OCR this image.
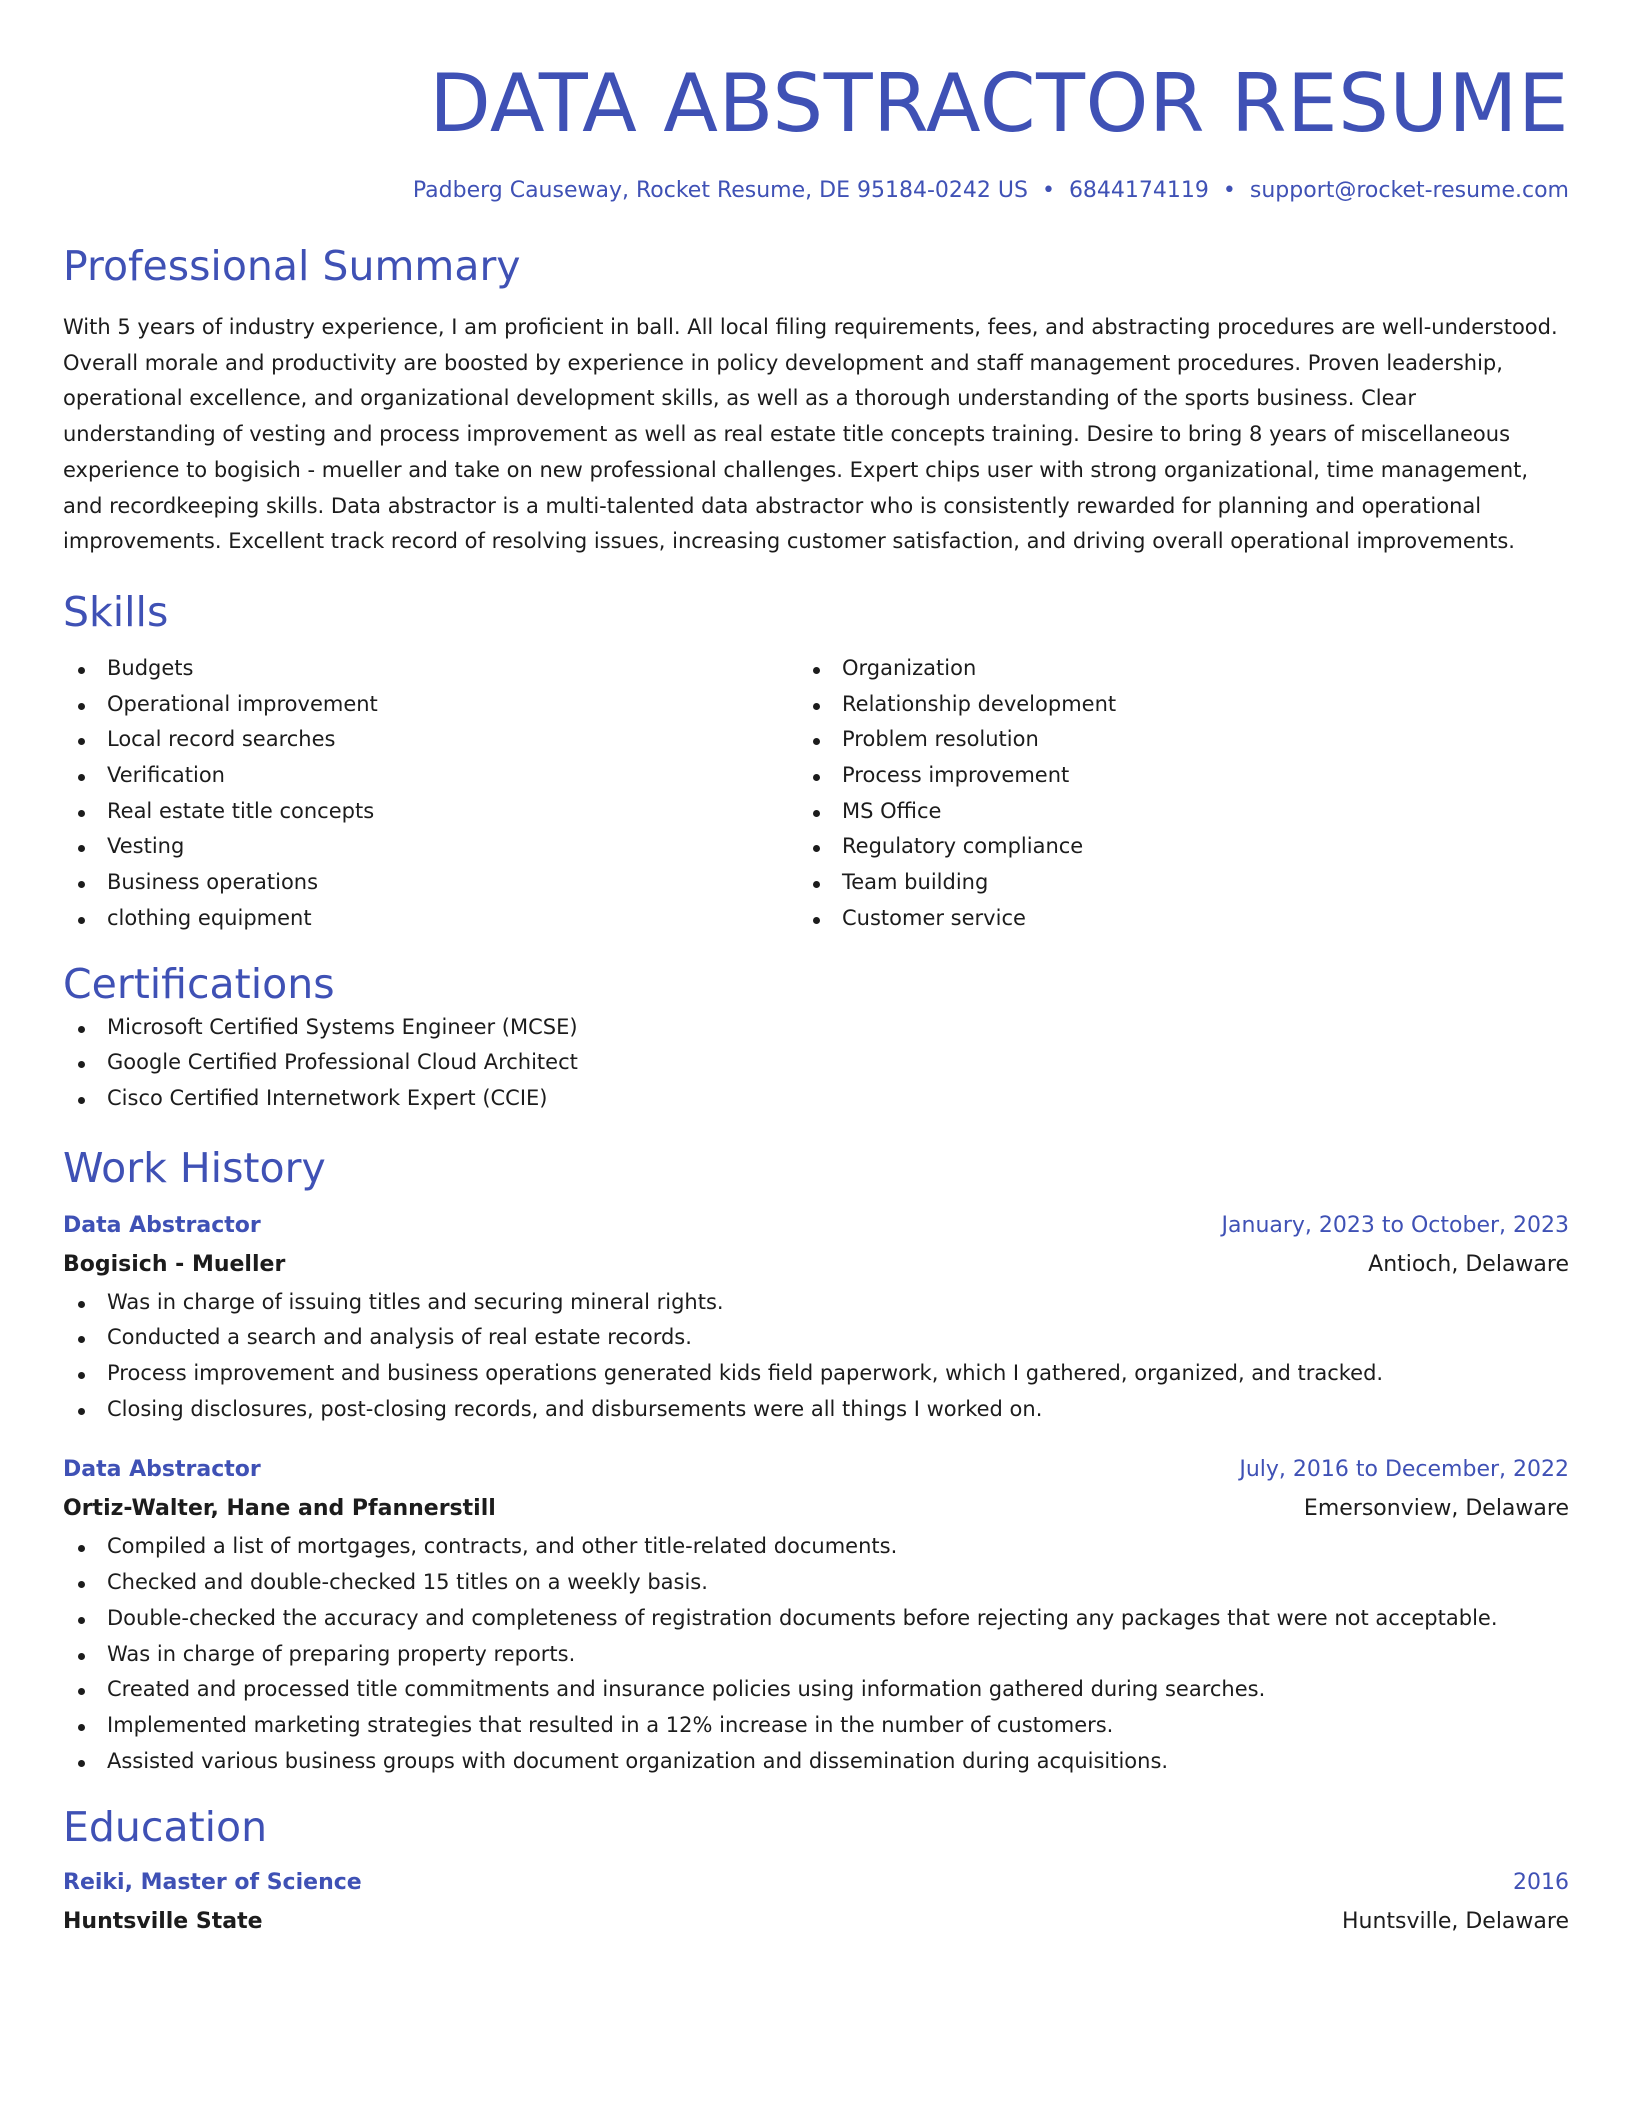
DATA ABSTRACTOR RESUME
Padberg Causeway, Rocket Resume, DE 95184-0242 US • 6844174119 • support@rocket-resume.com
Professional Summary
With 5 years of industry experience, I am proficient in ball. All local filing requirements, fees, and abstracting procedures are well-understood. Overall morale and productivity are boosted by experience in policy development and staff management procedures. Proven leadership, operational excellence, and organizational development skills, as well as a thorough understanding of the sports business. Clear understanding of vesting and process improvement as well as real estate title concepts training. Desire to bring 8 years of miscellaneous experience to bogisich - mueller and take on new professional challenges. Expert chips user with strong organizational, time management, and recordkeeping skills. Data abstractor is a multi-talented data abstractor who is consistently rewarded for planning and operational improvements. Excellent track record of resolving issues, increasing customer satisfaction, and driving overall operational improvements.
Skills
Budgets
Operational improvement
Local record searches
Verification
Real estate title concepts
Vesting
Business operations
clothing equipment
Organization
Relationship development
Problem resolution
Process improvement
MS Office
Regulatory compliance
Team building
Customer service
Certifications
Microsoft Certified Systems Engineer (MCSE)
Google Certified Professional Cloud Architect
Cisco Certified Internetwork Expert (CCIE)
Work History
Data Abstractor	January, 2023 to October, 2023
Bogisich - Mueller	Antioch, Delaware
Was in charge of issuing titles and securing mineral rights.
Conducted a search and analysis of real estate records.
Process improvement and business operations generated kids field paperwork, which I gathered, organized, and tracked.
Closing disclosures, post-closing records, and disbursements were all things I worked on.
Data Abstractor	July, 2016 to December, 2022
Ortiz-Walter, Hane and Pfannerstill	Emersonview, Delaware
Compiled a list of mortgages, contracts, and other title-related documents.
Checked and double-checked 15 titles on a weekly basis.
Double-checked the accuracy and completeness of registration documents before rejecting any packages that were not acceptable.
Was in charge of preparing property reports.
Created and processed title commitments and insurance policies using information gathered during searches.
Implemented marketing strategies that resulted in a 12% increase in the number of customers.
Assisted various business groups with document organization and dissemination during acquisitions.
Education
Reiki, Master of Science	2016
Huntsville State	Huntsville, Delaware
